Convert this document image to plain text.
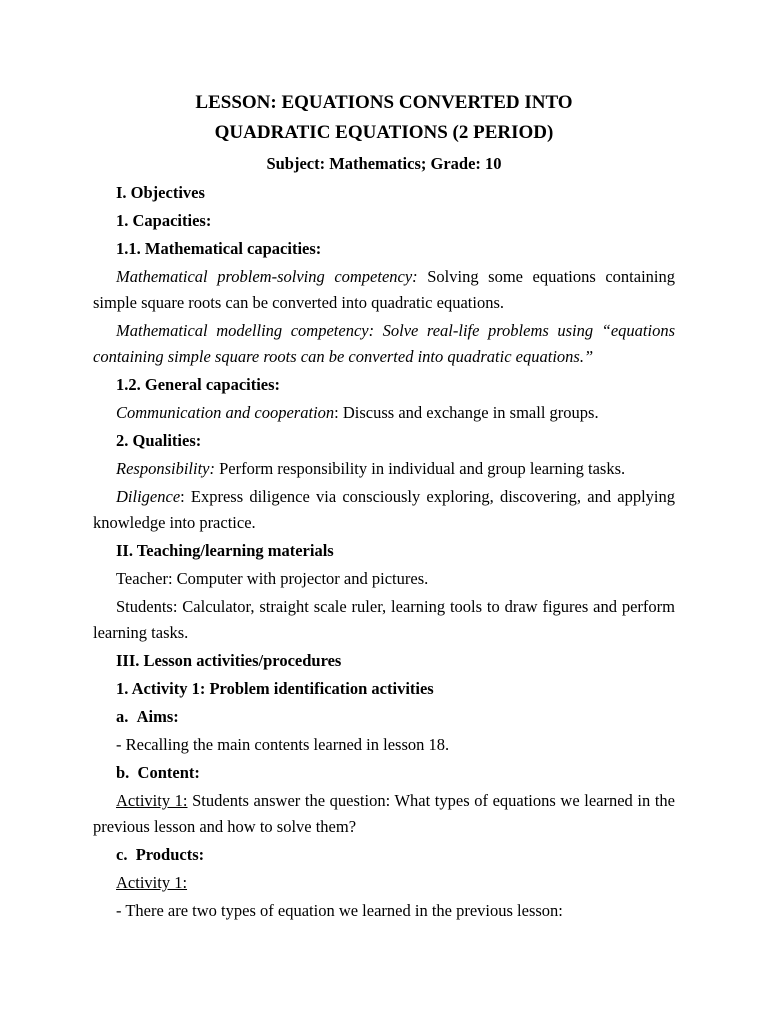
LESSON: EQUATIONS CONVERTED INTO
QUADRATIC EQUATIONS (2 PERIOD)
Subject: Mathematics; Grade: 10

I. Objectives

1. Capacities:

1.1. Mathematical capacities:

Mathematical problem-solving competency: Solving some equations containing simple square roots can be converted into quadratic equations.

Mathematical modelling competency: Solve real-life problems using “equations containing simple square roots can be converted into quadratic equations.”

1.2. General capacities:

Communication and cooperation: Discuss and exchange in small groups.

2. Qualities:

Responsibility: Perform responsibility in individual and group learning tasks.

Diligence: Express diligence via consciously exploring, discovering, and applying knowledge into practice.

II. Teaching/learning materials

Teacher: Computer with projector and pictures.

Students: Calculator, straight scale ruler, learning tools to draw figures and perform learning tasks.

III. Lesson activities/procedures

1. Activity 1: Problem identification activities

a.  Aims:

- Recalling the main contents learned in lesson 18.

b.  Content:

Activity 1: Students answer the question: What types of equations we learned in the previous lesson and how to solve them?

c.  Products:

Activity 1:

- There are two types of equation we learned in the previous lesson:
